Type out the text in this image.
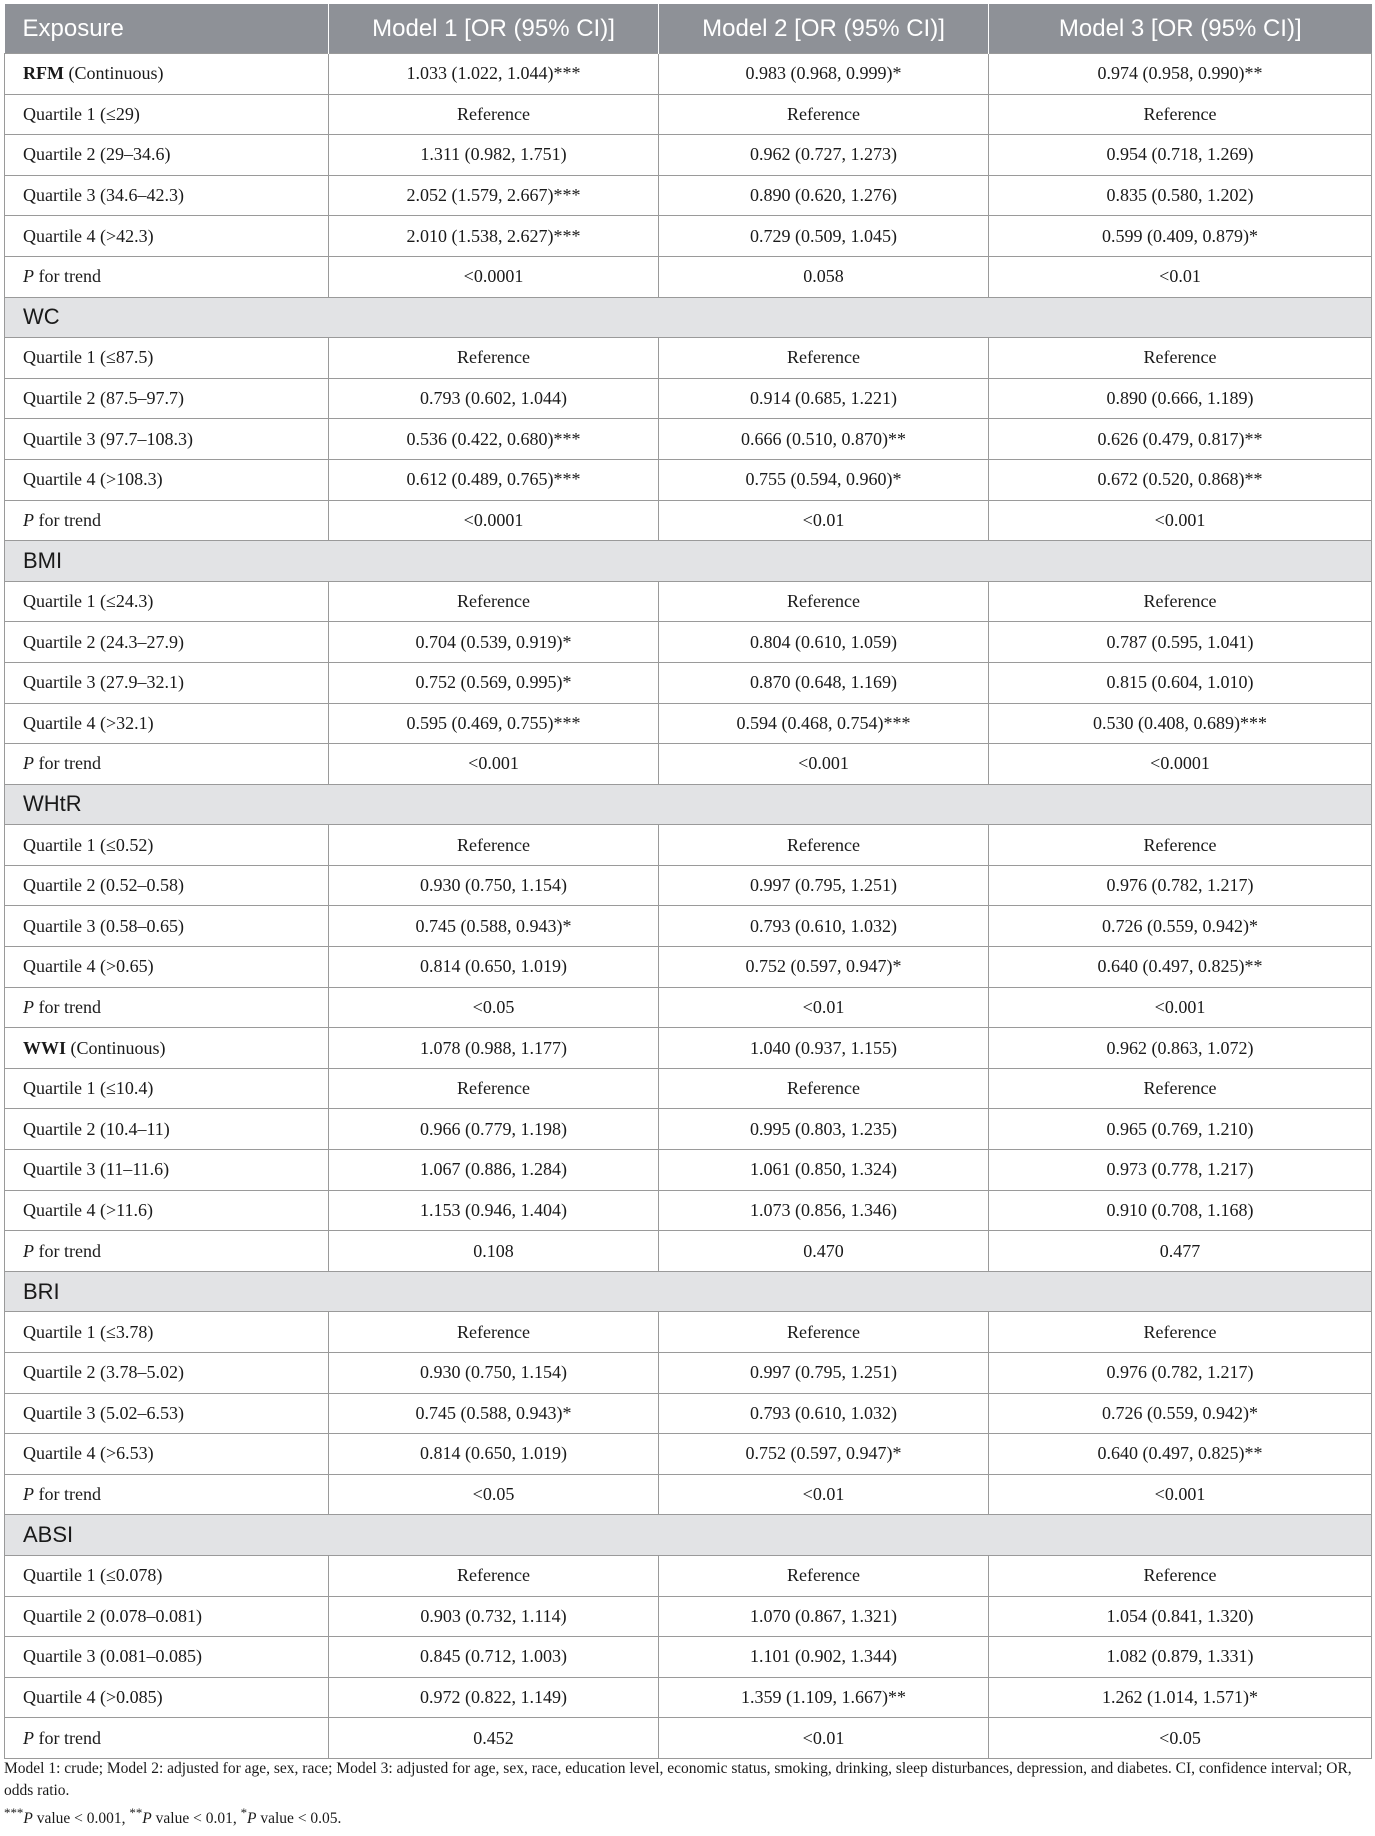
Exposure	Model 1 [OR (95% CI)]	Model 2 [OR (95% CI)]	Model 3 [OR (95% CI)]
RFM (Continuous)	1.033 (1.022, 1.044)***	0.983 (0.968, 0.999)*	0.974 (0.958, 0.990)**
Quartile 1 (≤29)	Reference	Reference	Reference
Quartile 2 (29–34.6)	1.311 (0.982, 1.751)	0.962 (0.727, 1.273)	0.954 (0.718, 1.269)
Quartile 3 (34.6–42.3)	2.052 (1.579, 2.667)***	0.890 (0.620, 1.276)	0.835 (0.580, 1.202)
Quartile 4 (>42.3)	2.010 (1.538, 2.627)***	0.729 (0.509, 1.045)	0.599 (0.409, 0.879)*
P for trend	<0.0001	0.058	<0.01
WC			
Quartile 1 (≤87.5)	Reference	Reference	Reference
Quartile 2 (87.5–97.7)	0.793 (0.602, 1.044)	0.914 (0.685, 1.221)	0.890 (0.666, 1.189)
Quartile 3 (97.7–108.3)	0.536 (0.422, 0.680)***	0.666 (0.510, 0.870)**	0.626 (0.479, 0.817)**
Quartile 4 (>108.3)	0.612 (0.489, 0.765)***	0.755 (0.594, 0.960)*	0.672 (0.520, 0.868)**
P for trend	<0.0001	<0.01	<0.001
BMI			
Quartile 1 (≤24.3)	Reference	Reference	Reference
Quartile 2 (24.3–27.9)	0.704 (0.539, 0.919)*	0.804 (0.610, 1.059)	0.787 (0.595, 1.041)
Quartile 3 (27.9–32.1)	0.752 (0.569, 0.995)*	0.870 (0.648, 1.169)	0.815 (0.604, 1.010)
Quartile 4 (>32.1)	0.595 (0.469, 0.755)***	0.594 (0.468, 0.754)***	0.530 (0.408, 0.689)***
P for trend	<0.001	<0.001	<0.0001
WHtR			
Quartile 1 (≤0.52)	Reference	Reference	Reference
Quartile 2 (0.52–0.58)	0.930 (0.750, 1.154)	0.997 (0.795, 1.251)	0.976 (0.782, 1.217)
Quartile 3 (0.58–0.65)	0.745 (0.588, 0.943)*	0.793 (0.610, 1.032)	0.726 (0.559, 0.942)*
Quartile 4 (>0.65)	0.814 (0.650, 1.019)	0.752 (0.597, 0.947)*	0.640 (0.497, 0.825)**
P for trend	<0.05	<0.01	<0.001
WWI (Continuous)	1.078 (0.988, 1.177)	1.040 (0.937, 1.155)	0.962 (0.863, 1.072)
Quartile 1 (≤10.4)	Reference	Reference	Reference
Quartile 2 (10.4–11)	0.966 (0.779, 1.198)	0.995 (0.803, 1.235)	0.965 (0.769, 1.210)
Quartile 3 (11–11.6)	1.067 (0.886, 1.284)	1.061 (0.850, 1.324)	0.973 (0.778, 1.217)
Quartile 4 (>11.6)	1.153 (0.946, 1.404)	1.073 (0.856, 1.346)	0.910 (0.708, 1.168)
P for trend	0.108	0.470	0.477
BRI			
Quartile 1 (≤3.78)	Reference	Reference	Reference
Quartile 2 (3.78–5.02)	0.930 (0.750, 1.154)	0.997 (0.795, 1.251)	0.976 (0.782, 1.217)
Quartile 3 (5.02–6.53)	0.745 (0.588, 0.943)*	0.793 (0.610, 1.032)	0.726 (0.559, 0.942)*
Quartile 4 (>6.53)	0.814 (0.650, 1.019)	0.752 (0.597, 0.947)*	0.640 (0.497, 0.825)**
P for trend	<0.05	<0.01	<0.001
ABSI			
Quartile 1 (≤0.078)	Reference	Reference	Reference
Quartile 2 (0.078–0.081)	0.903 (0.732, 1.114)	1.070 (0.867, 1.321)	1.054 (0.841, 1.320)
Quartile 3 (0.081–0.085)	0.845 (0.712, 1.003)	1.101 (0.902, 1.344)	1.082 (0.879, 1.331)
Quartile 4 (>0.085)	0.972 (0.822, 1.149)	1.359 (1.109, 1.667)**	1.262 (1.014, 1.571)*
P for trend	0.452	<0.01	<0.05

Model 1: crude; Model 2: adjusted for age, sex, race; Model 3: adjusted for age, sex, race, education level, economic status, smoking, drinking, sleep disturbances, depression, and diabetes. CI, confidence interval; OR, odds ratio.

***P value < 0.001, **P value < 0.01, *P value < 0.05.
